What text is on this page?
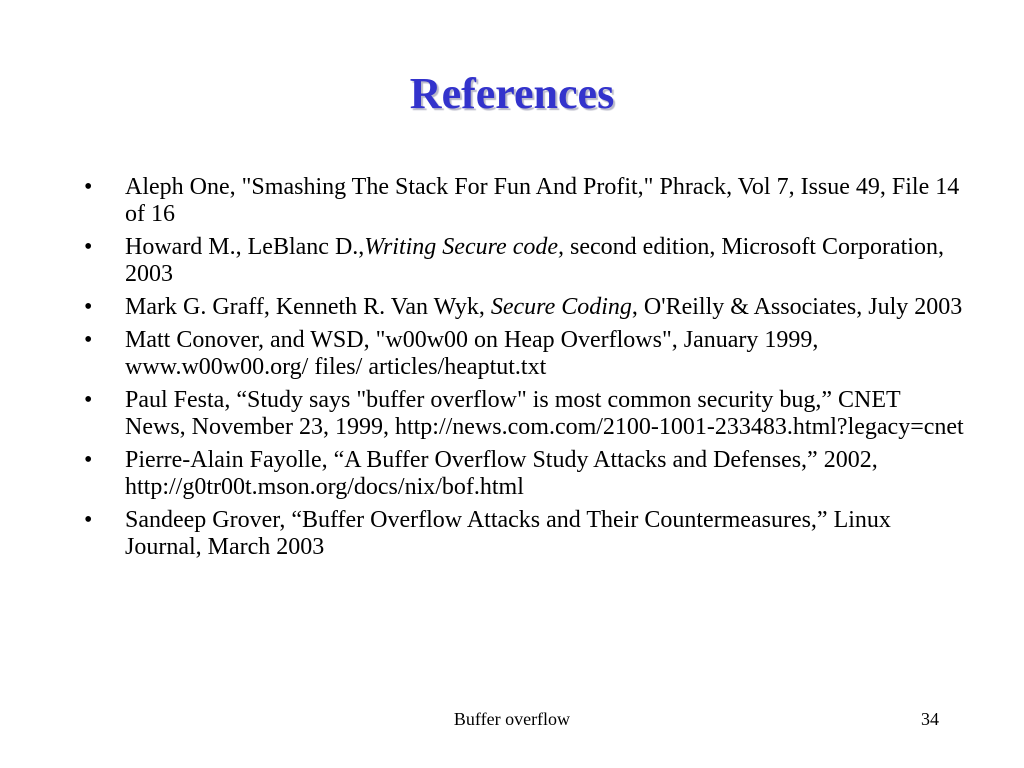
References
•	Aleph One, "Smashing The Stack For Fun And Profit," Phrack, Vol 7, Issue 49, File 14 of 16
•	Howard M., LeBlanc D.,Writing Secure code, second edition, Microsoft Corporation, 2003
•	Mark G. Graff, Kenneth R. Van Wyk, Secure Coding, O'Reilly & Associates, July 2003
•	Matt Conover, and WSD, "w00w00 on Heap Overflows", January 1999, www.w00w00.org/ files/ articles/heaptut.txt
•	Paul Festa, “Study says "buffer overflow" is most common security bug,” CNET News, November 23, 1999, http://news.com.com/2100-1001-233483.html?legacy=cnet
•	Pierre-Alain Fayolle, “A Buffer Overflow Study Attacks and Defenses,” 2002, http://g0tr00t.mson.org/docs/nix/bof.html
•	Sandeep Grover, “Buffer Overflow Attacks and Their Countermeasures,” Linux Journal, March 2003
Buffer overflow	34
